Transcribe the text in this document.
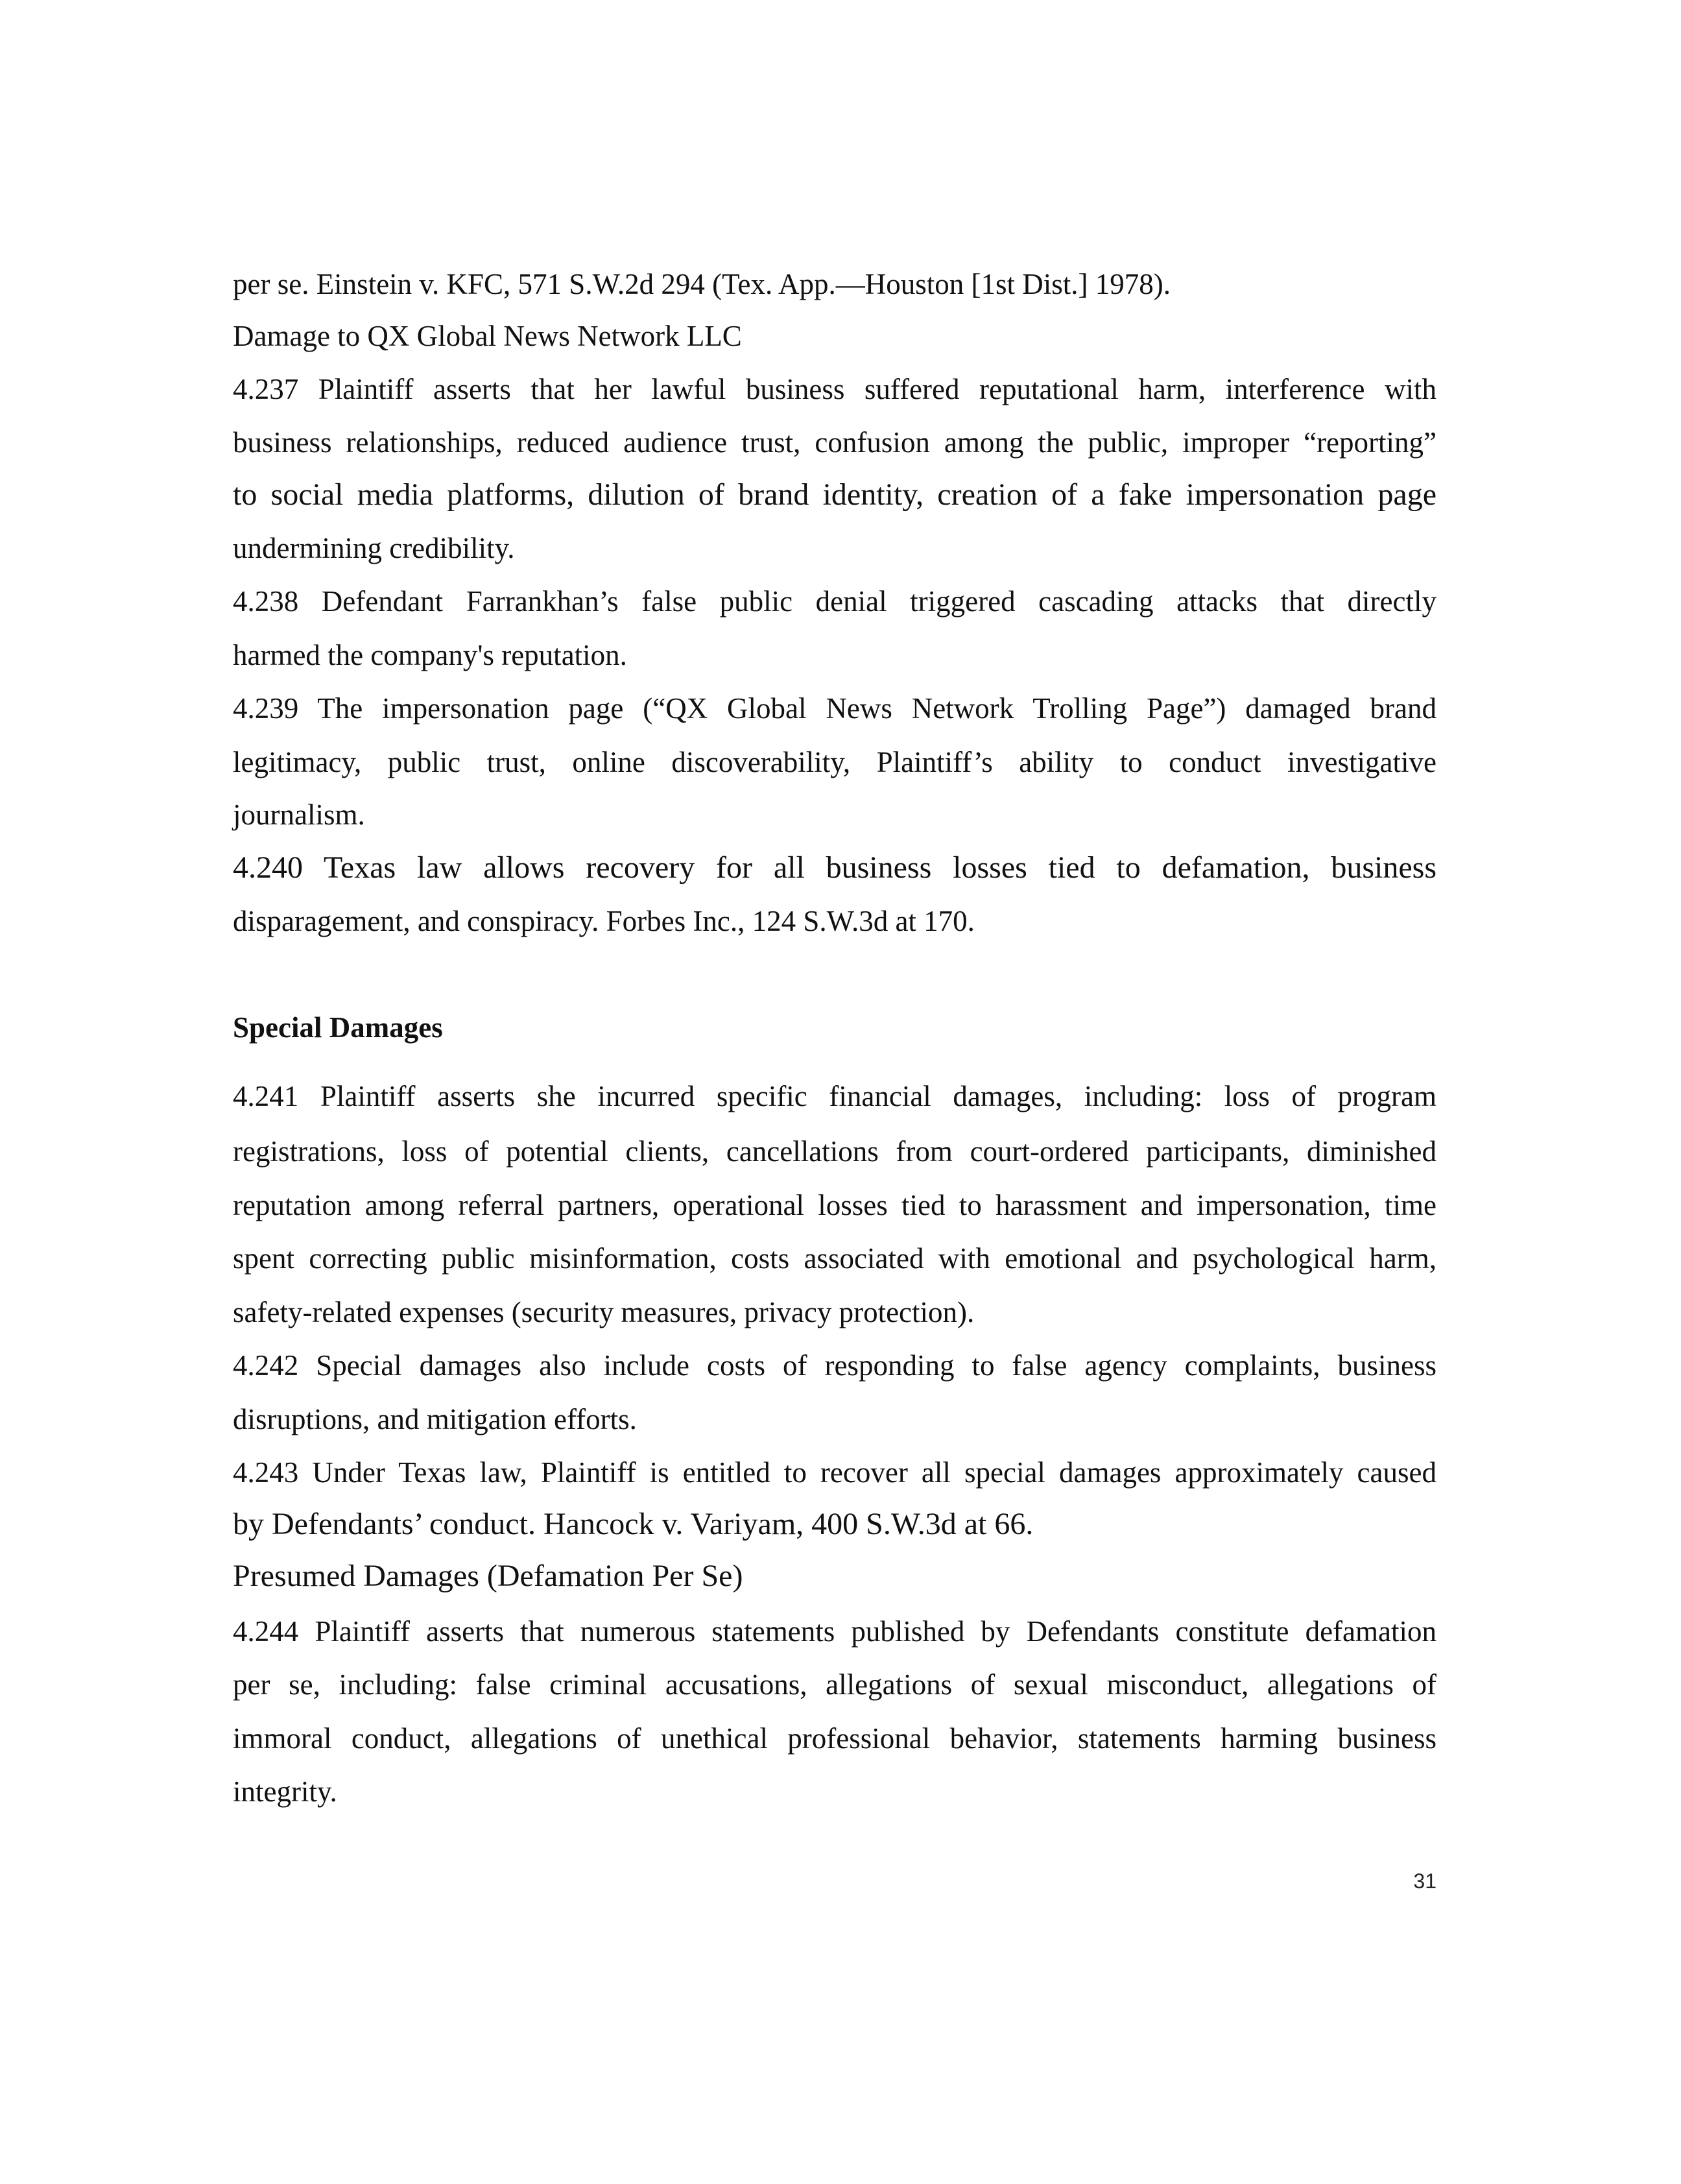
per se. Einstein v. KFC, 571 S.W.2d 294 (Tex. App.—Houston [1st Dist.] 1978).
Damage to QX Global News Network LLC
4.237 Plaintiff asserts that her lawful business suffered reputational harm, interference with
business relationships, reduced audience trust, confusion among the public, improper “reporting”
to social media platforms, dilution of brand identity, creation of a fake impersonation page
undermining credibility.
4.238 Defendant Farrankhan’s false public denial triggered cascading attacks that directly
harmed the company's reputation.
4.239 The impersonation page (“QX Global News Network Trolling Page”) damaged brand
legitimacy, public trust, online discoverability, Plaintiff’s ability to conduct investigative
journalism.
4.240 Texas law allows recovery for all business losses tied to defamation, business
disparagement, and conspiracy. Forbes Inc., 124 S.W.3d at 170.
Special Damages
4.241 Plaintiff asserts she incurred specific financial damages, including: loss of program
registrations, loss of potential clients, cancellations from court-ordered participants, diminished
reputation among referral partners, operational losses tied to harassment and impersonation, time
spent correcting public misinformation, costs associated with emotional and psychological harm,
safety-related expenses (security measures, privacy protection).
4.242 Special damages also include costs of responding to false agency complaints, business
disruptions, and mitigation efforts.
4.243 Under Texas law, Plaintiff is entitled to recover all special damages approximately caused
by Defendants’ conduct. Hancock v. Variyam, 400 S.W.3d at 66.
Presumed Damages (Defamation Per Se)
4.244 Plaintiff asserts that numerous statements published by Defendants constitute defamation
per se, including: false criminal accusations, allegations of sexual misconduct, allegations of
immoral conduct, allegations of unethical professional behavior, statements harming business
integrity.
31
